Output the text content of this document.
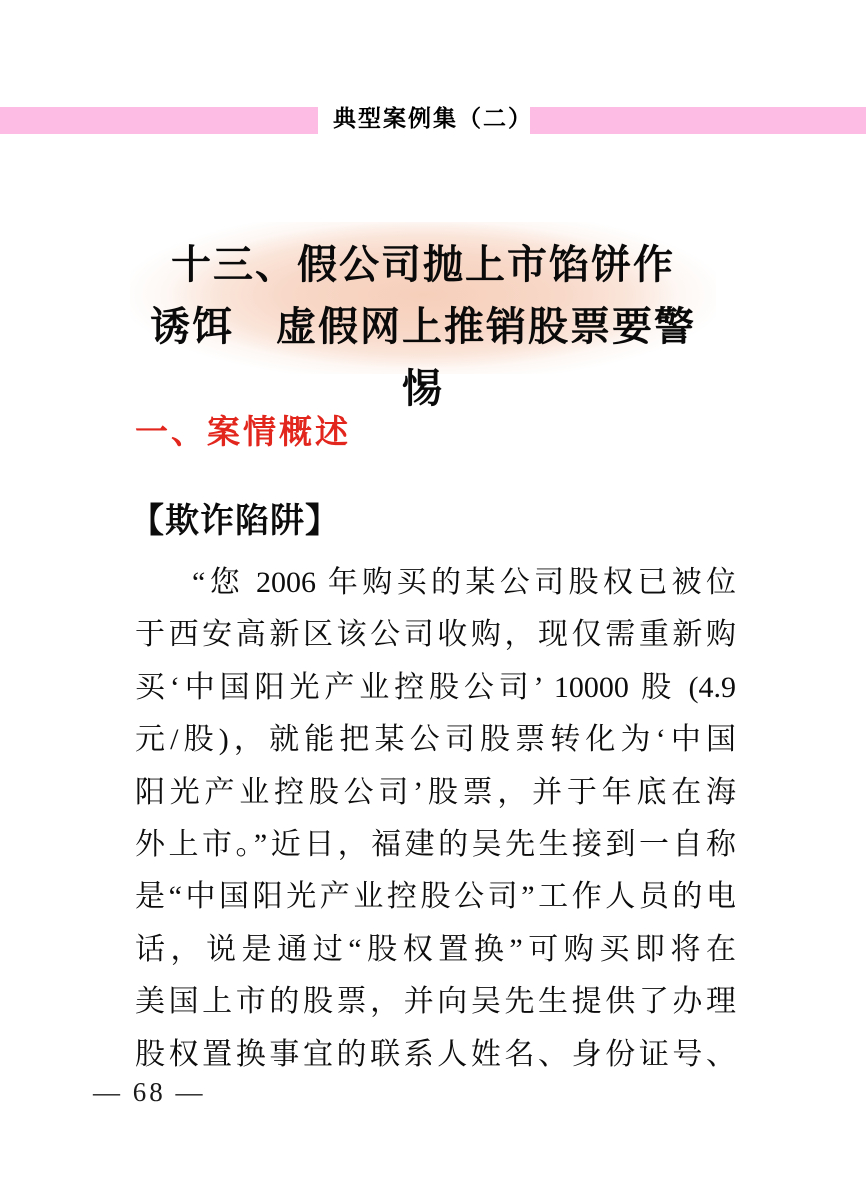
典型案例集（二）
十三、假公司抛上市馅饼作
诱饵　虚假网上推销股票要警惕
一、案情概述
【欺诈陷阱】
“您 2006 年购买的某公司股权已被位
于西安高新区该公司收购，现仅需重新购
买‘中国阳光产业控股公司’ 10000 股 (4.9
元/股)，就能把某公司股票转化为‘中国
阳光产业控股公司’股票，并于年底在海
外上市。”近日，福建的吴先生接到一自称
是“中国阳光产业控股公司”工作人员的电
话，说是通过“股权置换”可购买即将在
美国上市的股票，并向吴先生提供了办理
股权置换事宜的联系人姓名、身份证号、
— 68 —
